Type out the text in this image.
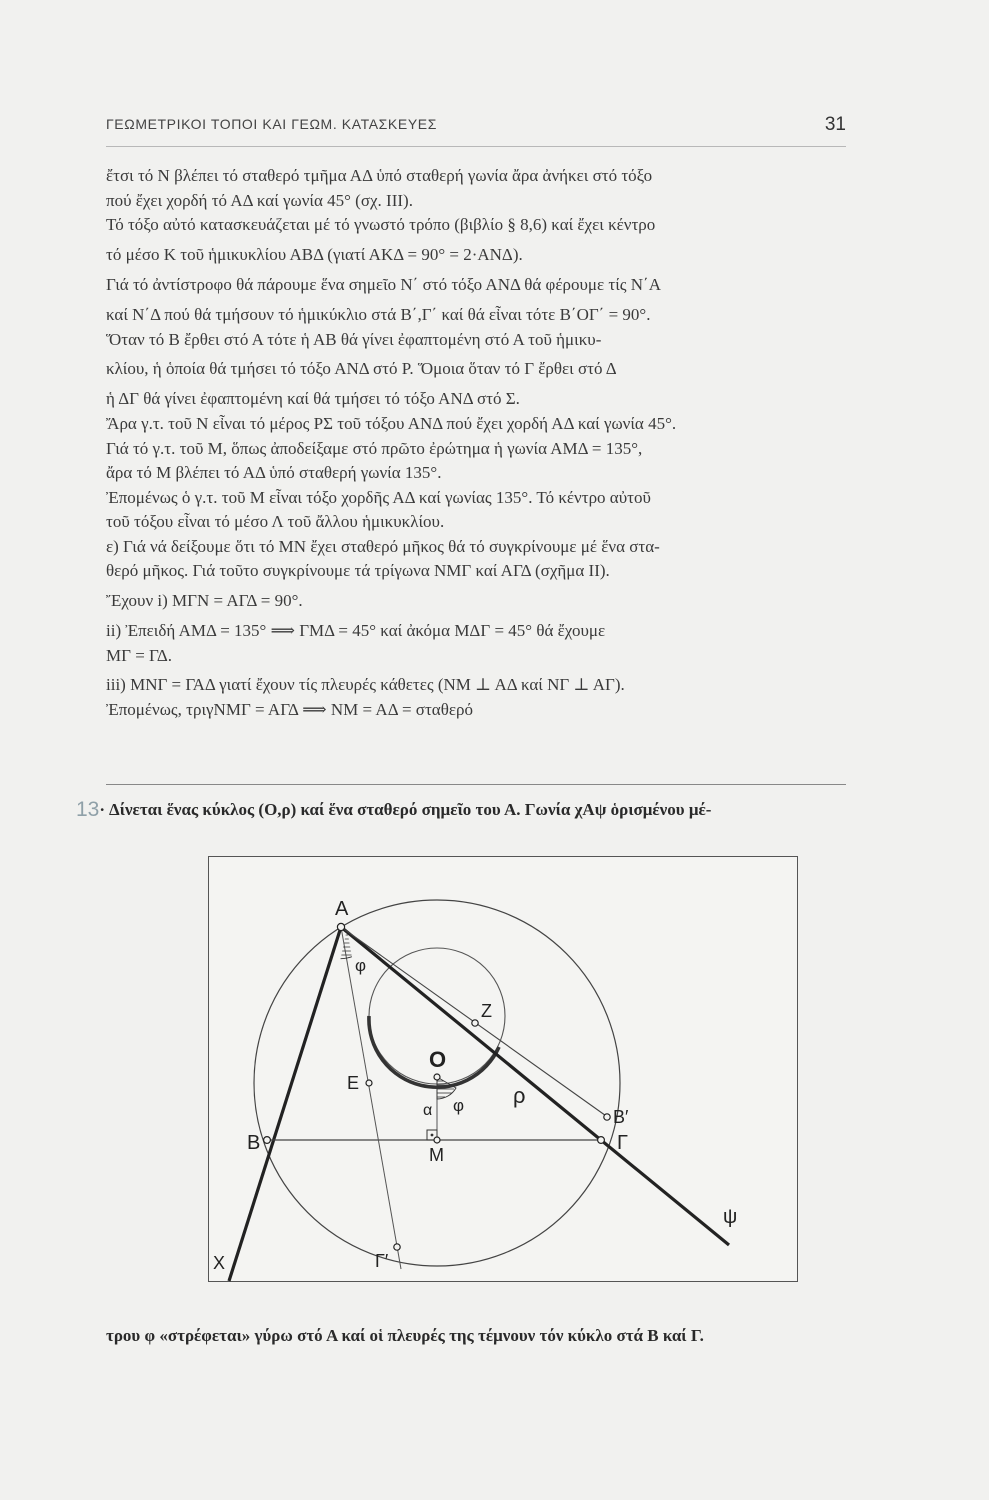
ΓΕΩΜΕΤΡΙΚΟΙ ΤΟΠΟΙ ΚΑΙ ΓΕΩΜ. ΚΑΤΑΣΚΕΥΕΣ	31
ἔτσι τό Ν βλέπει τό σταθερό τμῆμα ΑΔ ὑπό σταθερή γωνία ἄρα ἀνήκει στό τόξο
πού ἔχει χορδή τό ΑΔ καί γωνία 45° (σχ. III).
Τό τόξο αὐτό κατασκευάζεται μέ τό γνωστό τρόπο (βιβλίο § 8,6) καί ἔχει κέντρο
τό μέσο Κ τοῦ ἡμικυκλίου ΑΒΔ (γιατί ΑΚΔ = 90° = 2·ΑΝΔ).
Γιά τό ἀντίστροφο θά πάρουμε ἕνα σημεῖο Ν΄ στό τόξο ΑΝΔ θά φέρουμε τίς Ν΄Α
καί Ν΄Δ πού θά τμήσουν τό ἡμικύκλιο στά Β΄,Γ΄ καί θά εἶναι τότε Β΄ΟΓ΄ = 90°.
Ὅταν τό Β ἔρθει στό Α τότε ἡ ΑΒ θά γίνει ἐφαπτομένη στό Α τοῦ ἡμικυ-
κλίου, ἡ ὁποία θά τμήσει τό τόξο ΑΝΔ στό Ρ. Ὅμοια ὅταν τό Γ ἔρθει στό Δ
ἡ ΔΓ θά γίνει ἐφαπτομένη καί θά τμήσει τό τόξο ΑΝΔ στό Σ.
Ἄρα γ.τ. τοῦ Ν εἶναι τό μέρος ΡΣ τοῦ τόξου ΑΝΔ πού ἔχει χορδή ΑΔ καί γωνία 45°.
Γιά τό γ.τ. τοῦ Μ, ὅπως ἀποδείξαμε στό πρῶτο ἐρώτημα ἡ γωνία ΑΜΔ = 135°,
ἄρα τό Μ βλέπει τό ΑΔ ὑπό σταθερή γωνία 135°.
Ἐπομένως ὁ γ.τ. τοῦ Μ εἶναι τόξο χορδῆς ΑΔ καί γωνίας 135°. Τό κέντρο αὐτοῦ
τοῦ τόξου εἶναι τό μέσο Λ τοῦ ἄλλου ἡμικυκλίου.
ε) Γιά νά δείξουμε ὅτι τό ΜΝ ἔχει σταθερό μῆκος θά τό συγκρίνουμε μέ ἕνα στα-
θερό μῆκος. Γιά τοῦτο συγκρίνουμε τά τρίγωνα ΝΜΓ καί ΑΓΔ (σχῆμα II).
Ἔχουν i) ΜΓΝ = ΑΓΔ = 90°.
ii) Ἐπειδή ΑΜΔ = 135° ⟹ ΓΜΔ = 45° καί ἀκόμα ΜΔΓ = 45° θά ἔχουμε
ΜΓ = ΓΔ.
iii) ΜΝΓ = ΓΑΔ γιατί ἔχουν τίς πλευρές κάθετες (ΝΜ ⊥ ΑΔ καί ΝΓ ⊥ ΑΓ).
Ἐπομένως, τριγΝΜΓ = ΑΓΔ ⟹ ΝΜ = ΑΔ = σταθερό
13· Δίνεται ἕνας κύκλος (Ο,ρ) καί ἕνα σταθερό σημεῖο του Α. Γωνία χΑψ ὁρισμένου μέ-
A
Z
O
E	ρ
φ
φ
α	B′
B	Γ
M
ψ
X	Γ′
τρου φ «στρέφεται» γύρω στό Α καί οἱ πλευρές της τέμνουν τόν κύκλο στά Β καί Γ.
